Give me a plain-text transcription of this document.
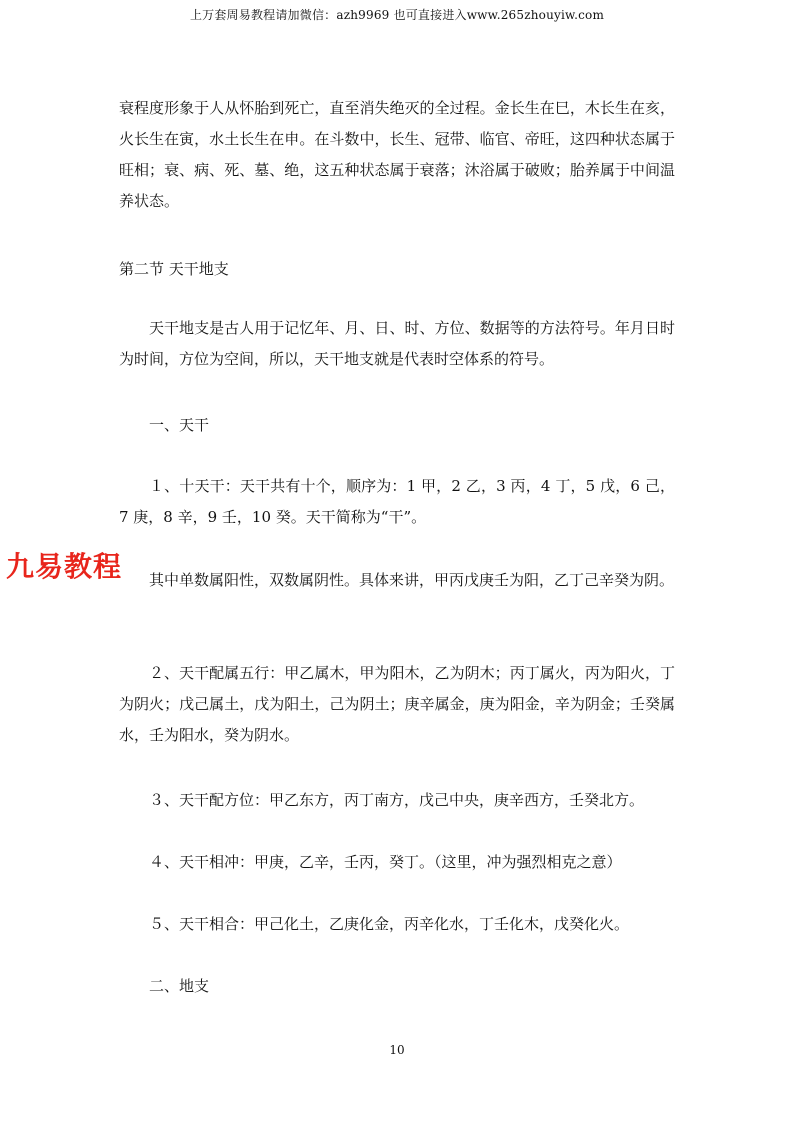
上万套周易教程请加微信：azh9969 也可直接进入www.265zhouyiw.com

衰程度形象于人从怀胎到死亡，直至消失绝灭的全过程。金长生在巳，木长生在亥，火长生在寅，水土长生在申。在斗数中，长生、冠带、临官、帝旺，这四种状态属于旺相；衰、病、死、墓、绝，这五种状态属于衰落；沐浴属于破败；胎养属于中间温养状态。

第二节 天干地支

天干地支是古人用于记忆年、月、日、时、方位、数据等的方法符号。年月日时为时间，方位为空间，所以，天干地支就是代表时空体系的符号。

一、天干

１、十天干：天干共有十个，顺序为：1 甲，2 乙，3 丙，4 丁，5 戊，6 己，7 庚，8 辛，9 壬，10 癸。天干简称为“干”。

其中单数属阳性，双数属阴性。具体来讲，甲丙戊庚壬为阳，乙丁己辛癸为阴。

２、天干配属五行：甲乙属木，甲为阳木，乙为阴木；丙丁属火，丙为阳火，丁为阴火；戊己属土，戊为阳土，己为阴土；庚辛属金，庚为阳金，辛为阴金；壬癸属水，壬为阳水，癸为阴水。

３、天干配方位：甲乙东方，丙丁南方，戊己中央，庚辛西方，壬癸北方。
４、天干相冲：甲庚，乙辛，壬丙，癸丁。（这里，冲为强烈相克之意）
５、天干相合：甲己化土，乙庚化金，丙辛化水，丁壬化木，戊癸化火。
二、地支
九易教程
10
